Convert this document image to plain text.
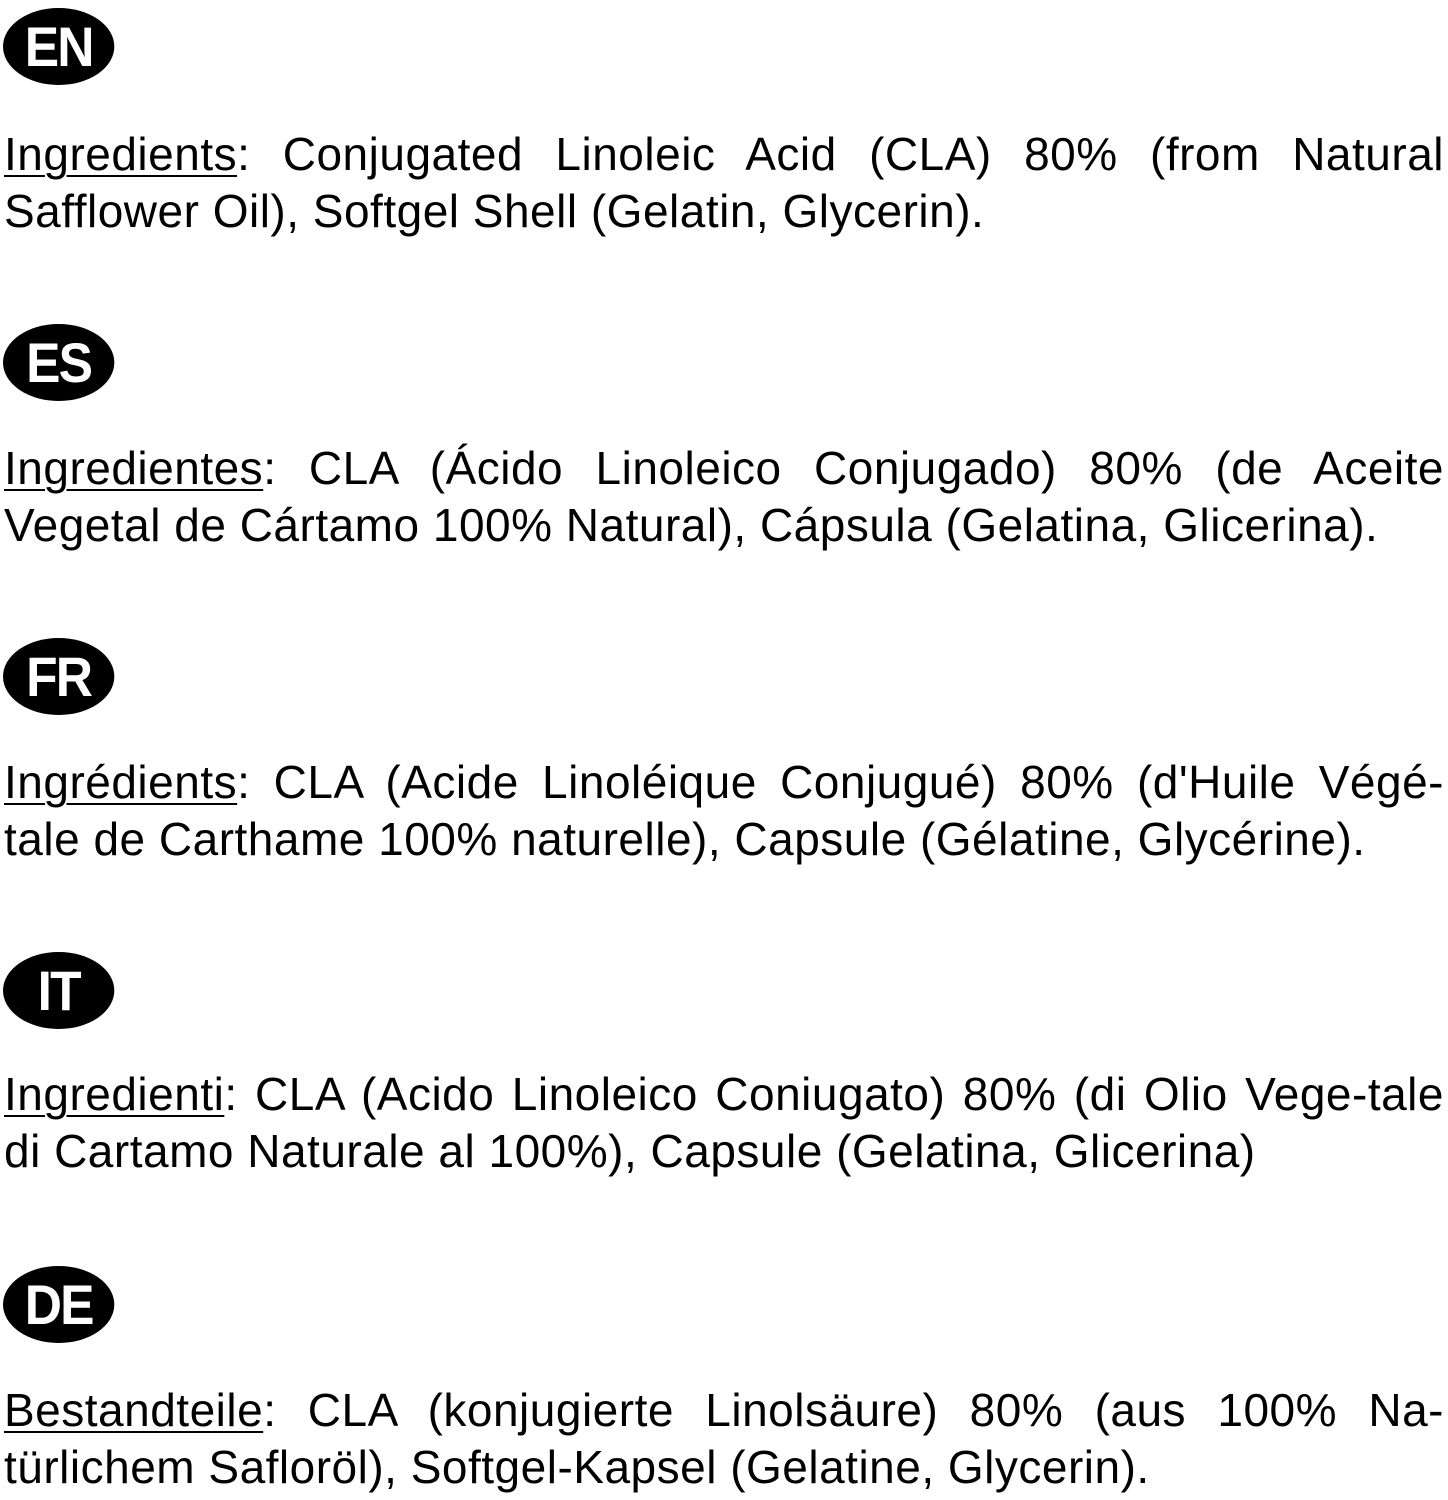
EN
Ingredients: Conjugated Linoleic Acid (CLA) 80% (from Natural Safflower Oil), Softgel Shell (Gelatin, Glycerin).
ES
Ingredientes: CLA (Ácido Linoleico Conjugado) 80% (de Aceite Vegetal de Cártamo 100% Natural), Cápsula (Gelatina, Glicerina).
FR
Ingrédients: CLA (Acide Linoléique Conjugué) 80% (d'Huile Végé-tale de Carthame 100% naturelle), Capsule (Gélatine, Glycérine).
IT
Ingredienti: CLA (Acido Linoleico Coniugato) 80% (di Olio Vege-tale di Cartamo Naturale al 100%), Capsule (Gelatina, Glicerina)
DE
Bestandteile: CLA (konjugierte Linolsäure) 80% (aus 100% Na-türlichem Safloröl), Softgel-Kapsel (Gelatine, Glycerin).
